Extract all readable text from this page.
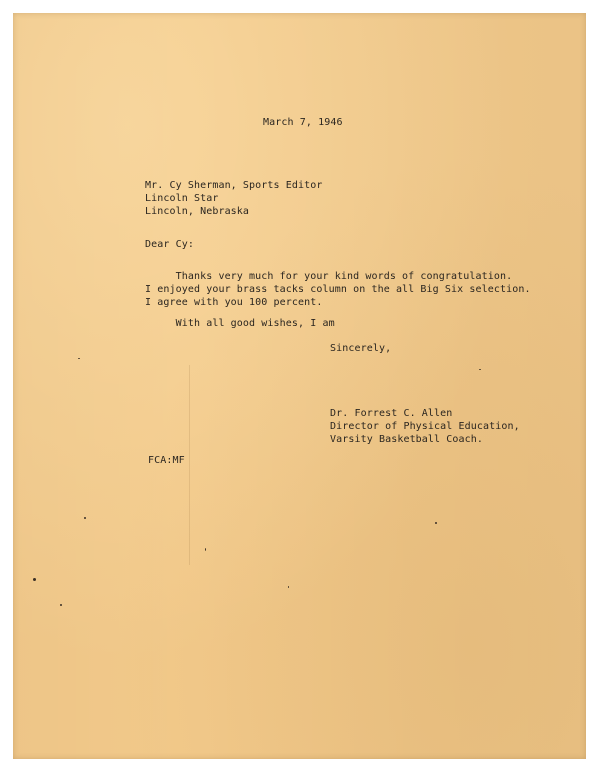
March 7, 1946
Mr. Cy Sherman, Sports Editor
Lincoln Star
Lincoln, Nebraska
Dear Cy:
Thanks very much for your kind words of congratulation.
I enjoyed your brass tacks column on the all Big Six selection.
I agree with you 100 percent.
With all good wishes, I am
Sincerely,
Dr. Forrest C. Allen
Director of Physical Education,
Varsity Basketball Coach.
FCA:MF
